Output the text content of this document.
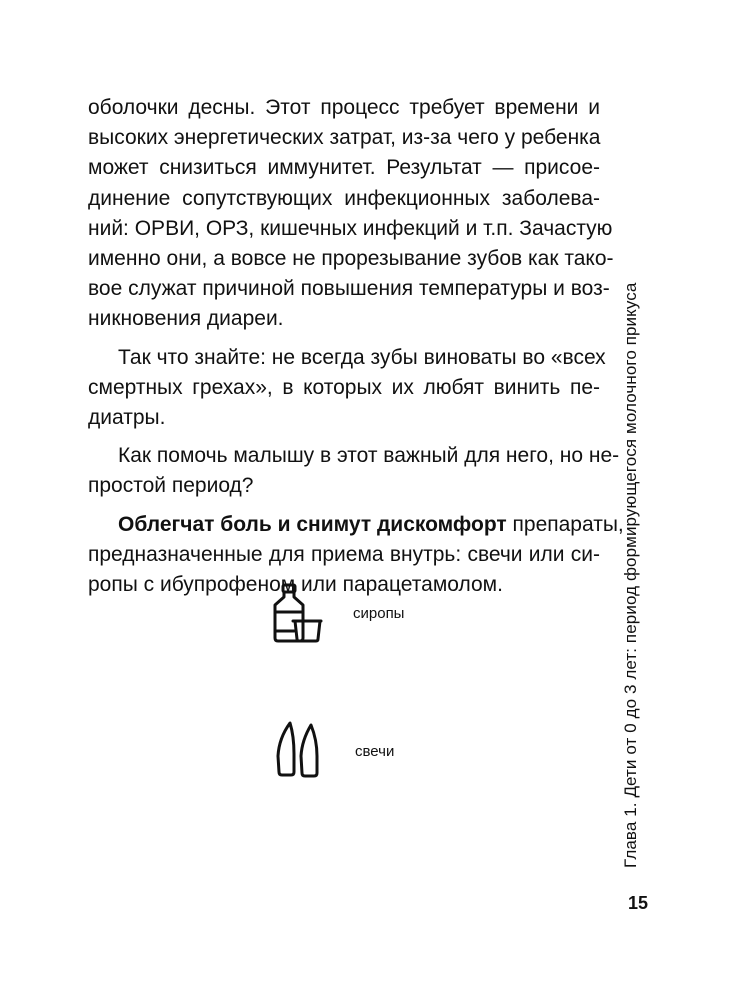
оболочки десны. Этот процесс требует времени и
высоких энергетических затрат, из-за чего у ребенка
может снизиться иммунитет. Результат — присое-
динение сопутствующих инфекционных заболева-
ний: ОРВИ, ОРЗ, кишечных инфекций и т.п. Зачастую
именно они, а вовсе не прорезывание зубов как тако-
вое служат причиной повышения температуры и воз-
никновения диареи.

Так что знайте: не всегда зубы виноваты во «всех
смертных грехах», в которых их любят винить пе-
диатры.

Как помочь малышу в этот важный для него, но не-
простой период?

Облегчат боль и снимут дискомфорт препараты,
предназначенные для приема внутрь: свечи или си-
ропы с ибупрофеном или парацетамолом.

сиропы
свечи	Глава 1. Дети от 0 до 3 лет: период формирующегося молочного прикуса
15
